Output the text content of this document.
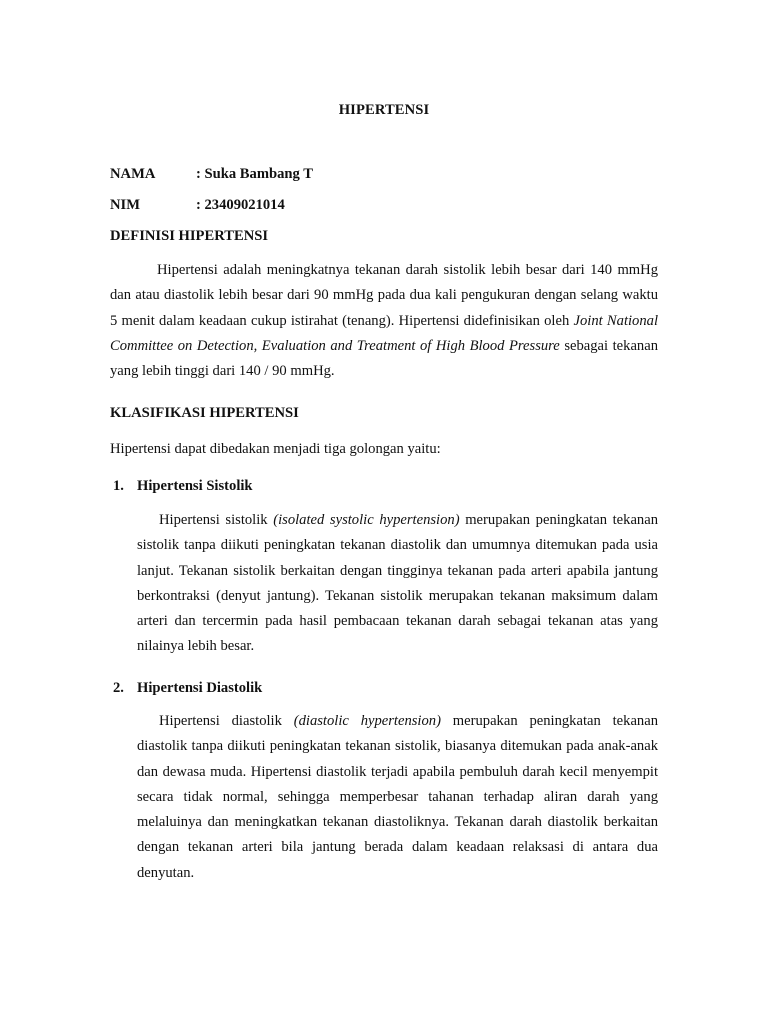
HIPERTENSI
NAMA	: Suka Bambang T
NIM	: 23409021014
DEFINISI HIPERTENSI
Hipertensi adalah meningkatnya tekanan darah sistolik lebih besar dari 140 mmHg dan atau diastolik lebih besar dari 90 mmHg pada dua kali pengukuran dengan selang waktu 5 menit dalam keadaan cukup istirahat (tenang). Hipertensi didefinisikan oleh Joint National Committee on Detection, Evaluation and Treatment of High Blood Pressure sebagai tekanan yang lebih tinggi dari 140 / 90 mmHg.
KLASIFIKASI HIPERTENSI
Hipertensi dapat dibedakan menjadi tiga golongan yaitu:
1. Hipertensi Sistolik
Hipertensi sistolik (isolated systolic hypertension) merupakan peningkatan tekanan sistolik tanpa diikuti peningkatan tekanan diastolik dan umumnya ditemukan pada usia lanjut. Tekanan sistolik berkaitan dengan tingginya tekanan pada arteri apabila jantung berkontraksi (denyut jantung). Tekanan sistolik merupakan tekanan maksimum dalam arteri dan tercermin pada hasil pembacaan tekanan darah sebagai tekanan atas yang nilainya lebih besar.
2. Hipertensi Diastolik
Hipertensi diastolik (diastolic hypertension) merupakan peningkatan tekanan diastolik tanpa diikuti peningkatan tekanan sistolik, biasanya ditemukan pada anak-anak dan dewasa muda. Hipertensi diastolik terjadi apabila pembuluh darah kecil menyempit secara tidak normal, sehingga memperbesar tahanan terhadap aliran darah yang melaluinya dan meningkatkan tekanan diastoliknya. Tekanan darah diastolik berkaitan dengan tekanan arteri bila jantung berada dalam keadaan relaksasi di antara dua denyutan.
